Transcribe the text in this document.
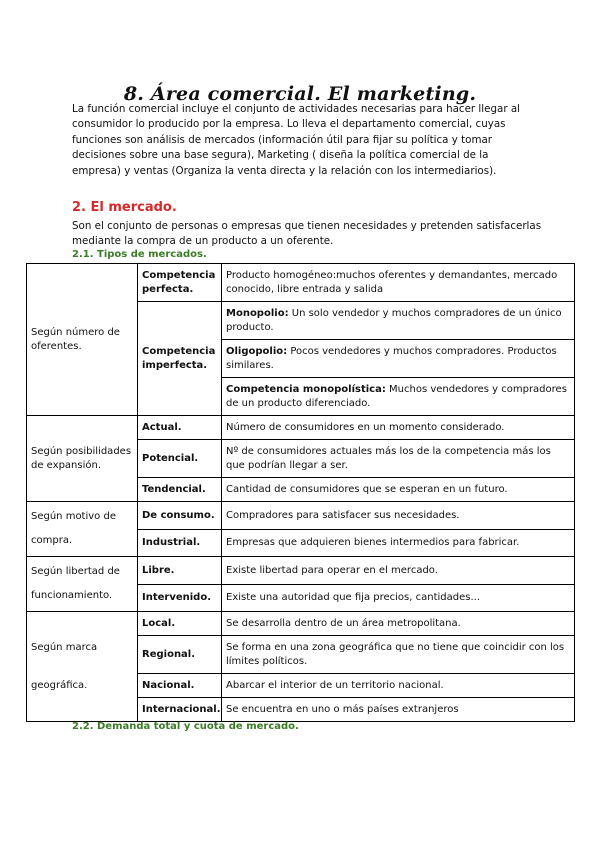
8. Área comercial. El marketing.

La función comercial incluye el conjunto de actividades necesarias para hacer llegar al consumidor lo producido por la empresa. Lo lleva el departamento comercial, cuyas funciones son análisis de mercados (información útil para fijar su política y tomar decisiones sobre una base segura), Marketing ( diseña la política comercial de la empresa) y ventas (Organiza la venta directa y la relación con los intermediarios).

2. El mercado.

Son el conjunto de personas o empresas que tienen necesidades y pretenden satisfacerlas mediante la compra de un producto a un oferente.

2.1. Tipos de mercados.
Según número de oferentes.	Competencia perfecta.	Producto homogéneo:muchos oferentes y demandantes, mercado conocido, libre entrada y salida
	Competencia imperfecta.	Monopolio: Un solo vendedor y muchos compradores de un único producto.
		Oligopolio: Pocos vendedores y muchos compradores. Productos similares.
		Competencia monopolística: Muchos vendedores y compradores de un producto diferenciado.
Según posibilidades de expansión.	Actual.	Número de consumidores en un momento considerado.
	Potencial.	Nº de consumidores actuales más los de la competencia más los que podrían llegar a ser.
	Tendencial.	Cantidad de consumidores que se esperan en un futuro.
Según motivo de compra.	De consumo.	Compradores para satisfacer sus necesidades.
	Industrial.	Empresas que adquieren bienes intermedios para fabricar.
Según libertad de funcionamiento.	Libre.	Existe libertad para operar en el mercado.
	Intervenido.	Existe una autoridad que fija precios, cantidades...
Según marca geográfica.	Local.	Se desarrolla dentro de un área metropolitana.
	Regional.	Se forma en una zona geográfica que no tiene que coincidir con los límites políticos.
	Nacional.	Abarcar el interior de un territorio nacional.
	Internacional.	Se encuentra en uno o más países extranjeros
2.2. Demanda total y cuota de mercado.
